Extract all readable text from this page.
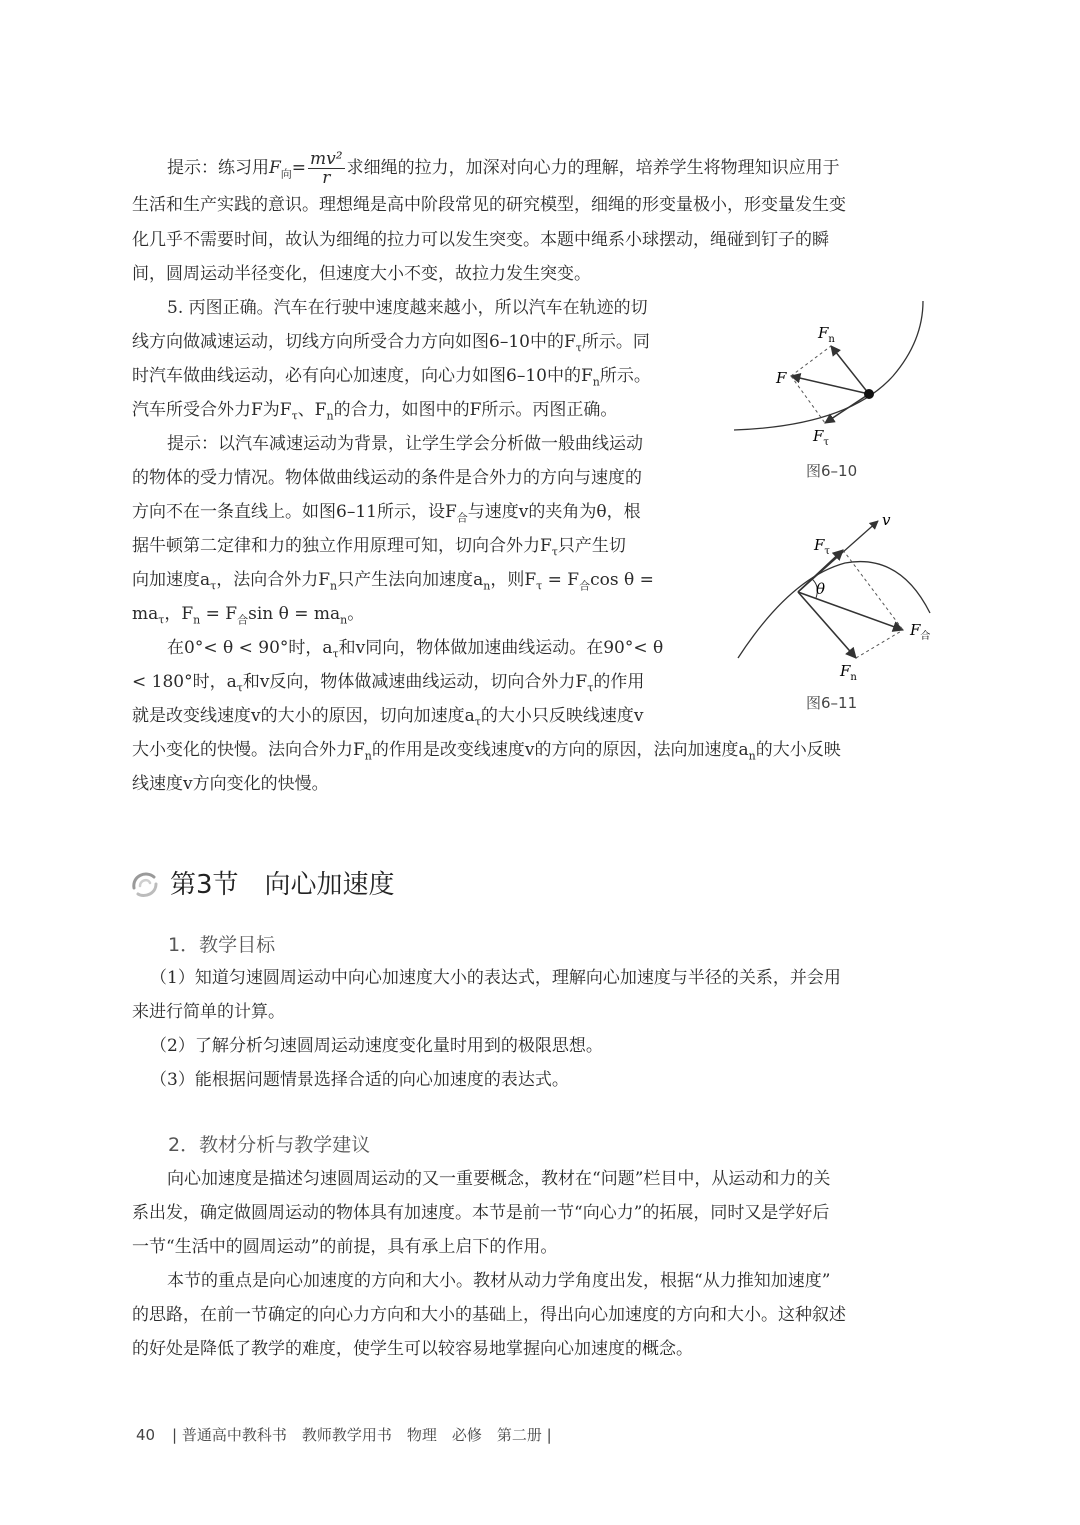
提示：练习用$F_向= \frac{\text{mv²}}{r}$ 求细绳的拉力，加深对向心力的理解，培养学生将物理知识应用于
生活和生产实践的意识。理想绳是高中阶段常见的研究模型，细绳的形变量极小，形变量发生变
化几乎不需要时间，故认为细绳的拉力可以发生突变。本题中绳系小球摆动，绳碰到钉子的瞬
间，圆周运动半径变化，但速度大小不变，故拉力发生突变。
5. 丙图正确。汽车在行驶中速度越来越小，所以汽车在轨迹的切
线方向做减速运动，切线方向所受合力方向如图6–10中的$F_\tau$所示。同
时汽车做曲线运动，必有向心加速度，向心力如图6–10中的$F_n$所示。
汽车所受合外力F为$F_\tau$、$F_n$的合力，如图中的F所示。丙图正确。
提示：以汽车减速运动为背景，让学生学会分析做一般曲线运动
的物体的受力情况。物体做曲线运动的条件是合外力的方向与速度的
方向不在一条直线上。如图6–11所示，设$F_合$与速度v的夹角为θ，根
据牛顿第二定律和力的独立作用原理可知，切向合外力$F_\tau$只产生切
向加速度$a_\tau$，法向合外力$F_n$只产生法向加速度$a_n$，则$F_\tau = F_合\cos$ θ =
$ma_\tau$，$F_n = F_合\sin$ $\theta = ma_n$。
在0°< θ < 90°时，$a_\tau$和v同向，物体做加速曲线运动。在90°< θ
< 180°时，$a_\tau$和v反向，物体做减速曲线运动，切向合外力$F_\tau$的作用
就是改变线速度v的大小的原因，切向加速度$a_\tau$的大小只反映线速度v
大小变化的快慢。法向合外力$F_n$的作用是改变线速度v的方向的原因，法向加速度$a_n$的大小反映
线速度v方向变化的快慢。
$F_n$
F
$F_\tau$
图6–10
v
$F_\tau$
θ
$F_合$
$F_n$
图6–11
第3节　向心加速度
1．教学目标
（1）知道匀速圆周运动中向心加速度大小的表达式，理解向心加速度与半径的关系，并会用
来进行简单的计算。
（2）了解分析匀速圆周运动速度变化量时用到的极限思想。
（3）能根据问题情景选择合适的向心加速度的表达式。
2．教材分析与教学建议
向心加速度是描述匀速圆周运动的又一重要概念，教材在“问题”栏目中，从运动和力的关
系出发，确定做圆周运动的物体具有加速度。本节是前一节“向心力”的拓展，同时又是学好后
一节“生活中的圆周运动”的前提，具有承上启下的作用。
本节的重点是向心加速度的方向和大小。教材从动力学角度出发，根据“从力推知加速度”
的思路，在前一节确定的向心力方向和大小的基础上，得出向心加速度的方向和大小。这种叙述
的好处是降低了教学的难度，使学生可以较容易地掌握向心加速度的概念。
40 | 普通高中教科书　教师教学用书　物理　必修　第二册 |
